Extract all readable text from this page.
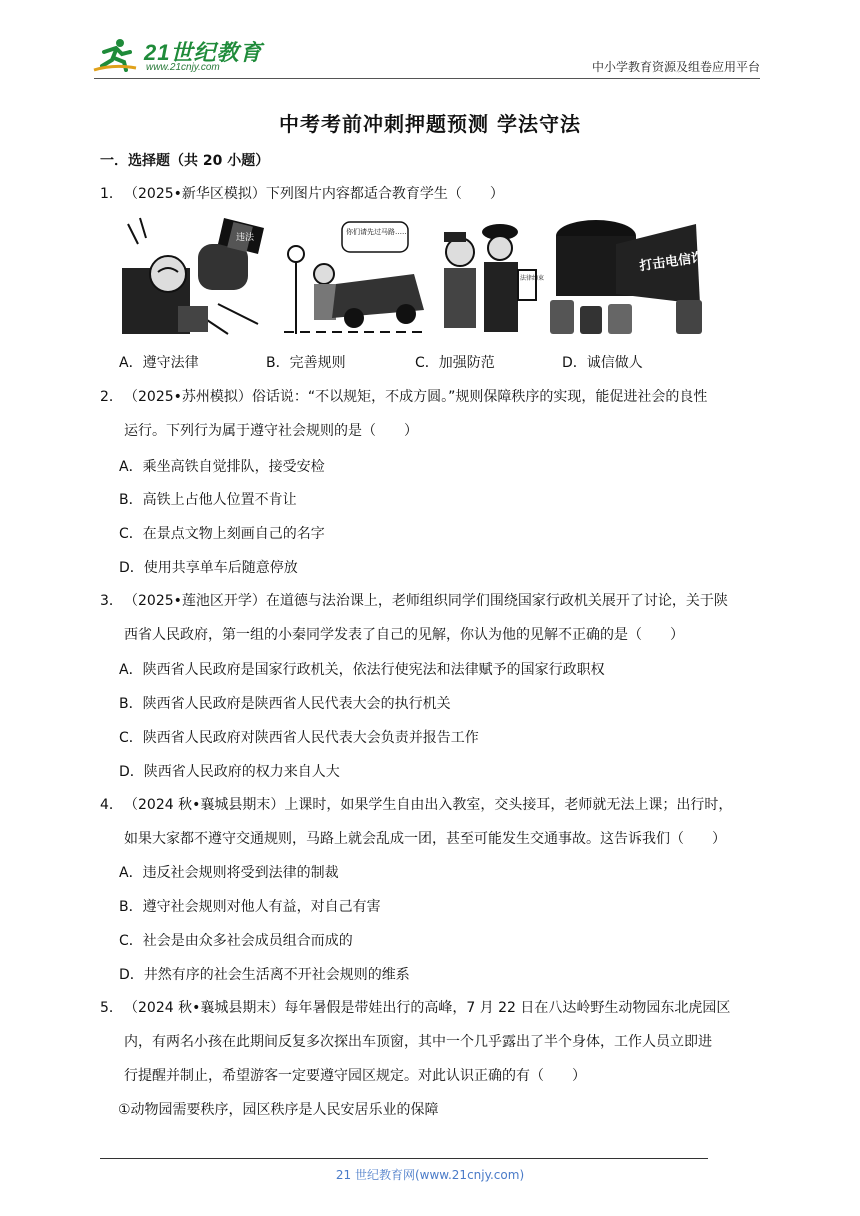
21世纪教育
www.21cnjy.com	中小学教育资源及组卷应用平台
中考考前冲刺押题预测 学法守法
一．选择题（共 20 小题）
1．（2025•新华区模拟）下列图片内容都适合教育学生（　　）
违法
你们请先过马路……
法律约束
打击电信诈骗
A．遵守法律	B．完善规则	C．加强防范	D．诚信做人
2．（2025•苏州模拟）俗话说：“不以规矩，不成方圆。”规则保障秩序的实现，能促进社会的良性
运行。下列行为属于遵守社会规则的是（　　）
A．乘坐高铁自觉排队，接受安检
B．高铁上占他人位置不肯让
C．在景点文物上刻画自己的名字
D．使用共享单车后随意停放
3．（2025•莲池区开学）在道德与法治课上，老师组织同学们围绕国家行政机关展开了讨论，关于陕
西省人民政府，第一组的小秦同学发表了自己的见解，你认为他的见解不正确的是（　　）
A．陕西省人民政府是国家行政机关，依法行使宪法和法律赋予的国家行政职权
B．陕西省人民政府是陕西省人民代表大会的执行机关
C．陕西省人民政府对陕西省人民代表大会负责并报告工作
D．陕西省人民政府的权力来自人大
4．（2024 秋•襄城县期末）上课时，如果学生自由出入教室，交头接耳，老师就无法上课；出行时，
如果大家都不遵守交通规则，马路上就会乱成一团，甚至可能发生交通事故。这告诉我们（　　）
A．违反社会规则将受到法律的制裁
B．遵守社会规则对他人有益，对自己有害
C．社会是由众多社会成员组合而成的
D．井然有序的社会生活离不开社会规则的维系
5．（2024 秋•襄城县期末）每年暑假是带娃出行的高峰，7 月 22 日在八达岭野生动物园东北虎园区
内，有两名小孩在此期间反复多次探出车顶窗，其中一个几乎露出了半个身体，工作人员立即进
行提醒并制止，希望游客一定要遵守园区规定。对此认识正确的有（　　）
①动物园需要秩序，园区秩序是人民安居乐业的保障
21 世纪教育网(www.21cnjy.com)
